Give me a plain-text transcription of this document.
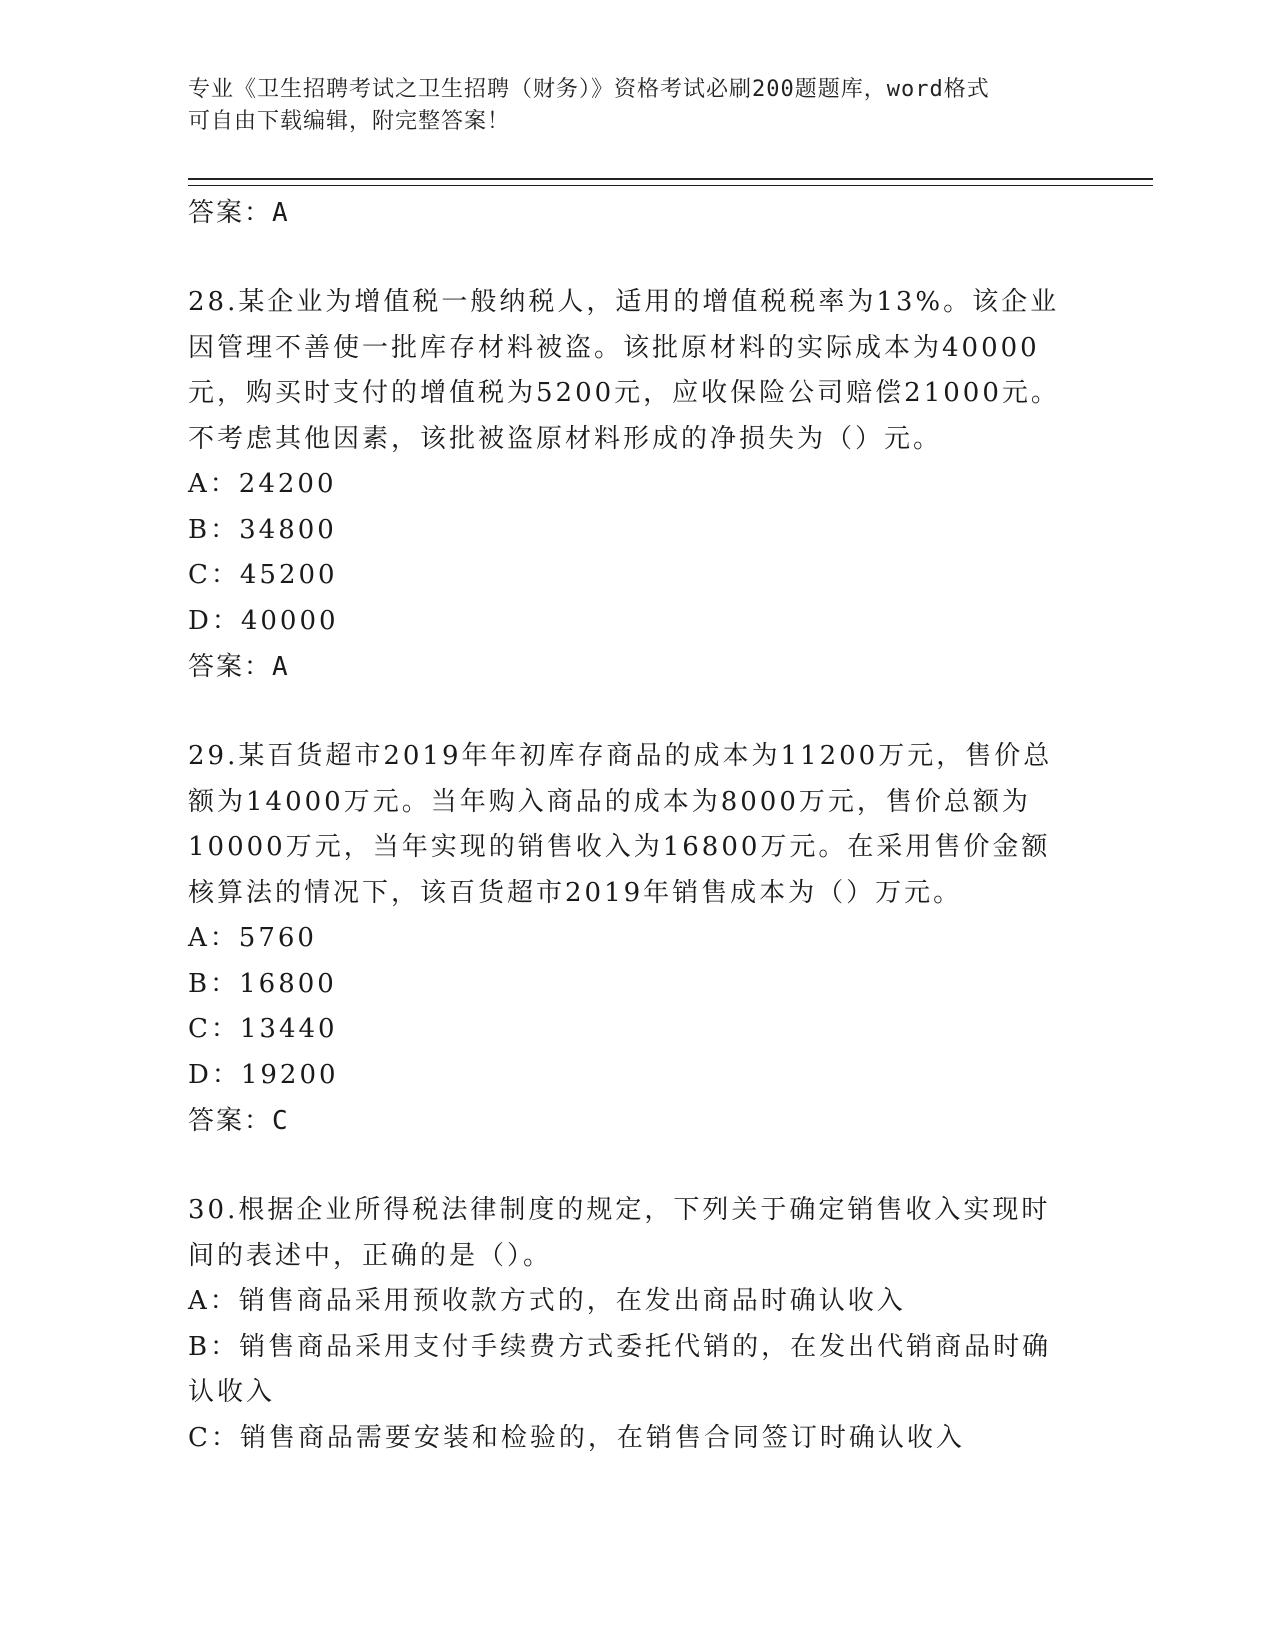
专业《卫生招聘考试之卫生招聘（财务）》资格考试必刷200题题库，word格式
可自由下载编辑，附完整答案！
答案：A
28.某企业为增值税一般纳税人，适用的增值税税率为13%。该企业因管理不善使一批库存材料被盗。该批原材料的实际成本为40000元，购买时支付的增值税为5200元，应收保险公司赔偿21000元。不考虑其他因素，该批被盗原材料形成的净损失为（）元。
A：24200
B：34800
C：45200
D：40000
答案：A
29.某百货超市2019年年初库存商品的成本为11200万元，售价总额为14000万元。当年购入商品的成本为8000万元，售价总额为10000万元，当年实现的销售收入为16800万元。在采用售价金额核算法的情况下，该百货超市2019年销售成本为（）万元。
A：5760
B：16800
C：13440
D：19200
答案：C
30.根据企业所得税法律制度的规定，下列关于确定销售收入实现时间的表述中，正确的是（）。
A：销售商品采用预收款方式的，在发出商品时确认收入
B：销售商品采用支付手续费方式委托代销的，在发出代销商品时确认收入
C：销售商品需要安装和检验的，在销售合同签订时确认收入
